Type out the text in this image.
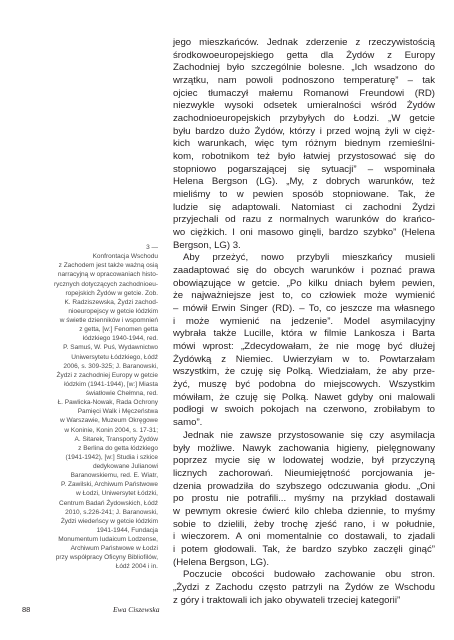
3 —
Konfrontacja Wschodu
z Zachodem jest także ważną osią
narracyjną w opracowaniach histo-
rycznych dotyczących zachodnioeu-
ropejskich Żydów w getcie. Zob.
K. Radziszewska, Żydzi zachod-
nioeuropejscy w getcie łódzkim
w świetle dzienników i wspomnień
z getta, [w:] Fenomen getta
łódzkiego 1940-1944, red.
P. Samuś, W. Puś, Wydawnictwo
Uniwersytetu Łódzkiego, Łódź
2006, s. 309-325; J. Baranowski,
Żydzi z zachodniej Europy w getcie
łódzkim (1941-1944), [w:] Miasta
światłowie Chełmna, red.
Ł. Pawlicka-Nowak, Rada Ochrony
Pamięci Walk i Męczeństwa
w Warszawie, Muzeum Okręgowe
w Koninie, Konin 2004, s. 17-31;
A. Sitarek, Transporty Żydów
z Berlina do getta łódzkiego
(1941-1942), [w:] Studia i szkice
dedykowane Julianowi
Baranowskiemu, red. E. Wiatr,
P. Zawilski, Archiwum Państwowe
w Łodzi, Uniwersytet Łódzki,
Centrum Badań Żydowskich, Łódź
2010, s.226-241; J. Baranowski,
Żydzi wiedeńscy w getcie łódzkim
1941-1944, Fundacja
Monumentum Iudaicum Lodzense,
Archiwum Państwowe w Łodzi
przy współpracy Oficyny Bibliofilów,
Łódź 2004 i in.
jego mieszkańców. Jednak zderzenie z rzeczywistością
środkowoeuropejskiego getta dla Żydów z Europy
Zachodniej było szczególnie bolesne. „Ich wsadzono do
wrzątku, nam powoli podnoszono temperaturę” – tak
ojciec tłumaczył małemu Romanowi Freundowi (RD)
niezwykle wysoki odsetek umieralności wśród Żydów
zachodnioeuropejskich przybyłych do Łodzi. „W getcie
byłu bardzo dużo Żydów, którzy i przed wojną żyli w cięż-
kich warunkach, więc tym różnym biednym rzemieślni-
kom, robotnikom też było łatwiej przystosować się do
stopniowo pogarszającej się sytuacji” – wspominała
Helena Bergson (LG). „My, z dobrych warunków, też
mieliśmy to w pewien sposób stopniowane. Tak, że
ludzie się adaptowali. Natomiast ci zachodni Żydzi
przyjechali od razu z normalnych warunków do krańco-
wo ciężkich. I oni masowo ginęli, bardzo szybko” (Helena
Bergson, LG) 3.
Aby przeżyć, nowo przybyli mieszkańcy musieli
zaadaptować się do obcych warunków i poznać prawa
obowiązujące w getcie. „Po kilku dniach byłem pewien,
że najważniejsze jest to, co człowiek może wymienić
– mówił Erwin Singer (RD). – To, co jeszcze ma własnego
i może wymienić na jedzenie”. Model asymilacyjny
wybrała także Lucille, która w filmie Lankosza i Barta
mówi wprost: „Zdecydowałam, że nie mogę być dłużej
Żydówką z Niemiec. Uwierzyłam w to. Powtarzałam
wszystkim, że czuję się Polką. Wiedziałam, że aby prze-
żyć, muszę być podobna do miejscowych. Wszystkim
mówiłam, że czuję się Polką. Nawet gdyby oni malowali
podłogi w swoich pokojach na czerwono, zrobiłabym to
samo”.
Jednak nie zawsze przystosowanie się czy asymilacja
były możliwe. Nawyk zachowania higieny, pielęgnowany
poprzez mycie się w lodowatej wodzie, był przyczyną
licznych zachorowań. Nieumiejętność porcjowania je-
dzenia prowadziła do szybszego odczuwania głodu. „Oni
po prostu nie potrafili... myśmy na przykład dostawali
w pewnym okresie ćwierć kilo chleba dziennie, to myśmy
sobie to dzielili, żeby trochę zjeść rano, i w południe,
i wieczorem. A oni momentalnie co dostawali, to zjadali
i potem głodowali. Tak, że bardzo szybko zaczęli ginąć”
(Helena Bergson, LG).
Poczucie obcości budowało zachowanie obu stron.
„Żydzi z Zachodu często patrzyli na Żydów ze Wschodu
z góry i traktowali ich jako obywateli trzeciej kategorii”
88	Ewa Ciszewska
